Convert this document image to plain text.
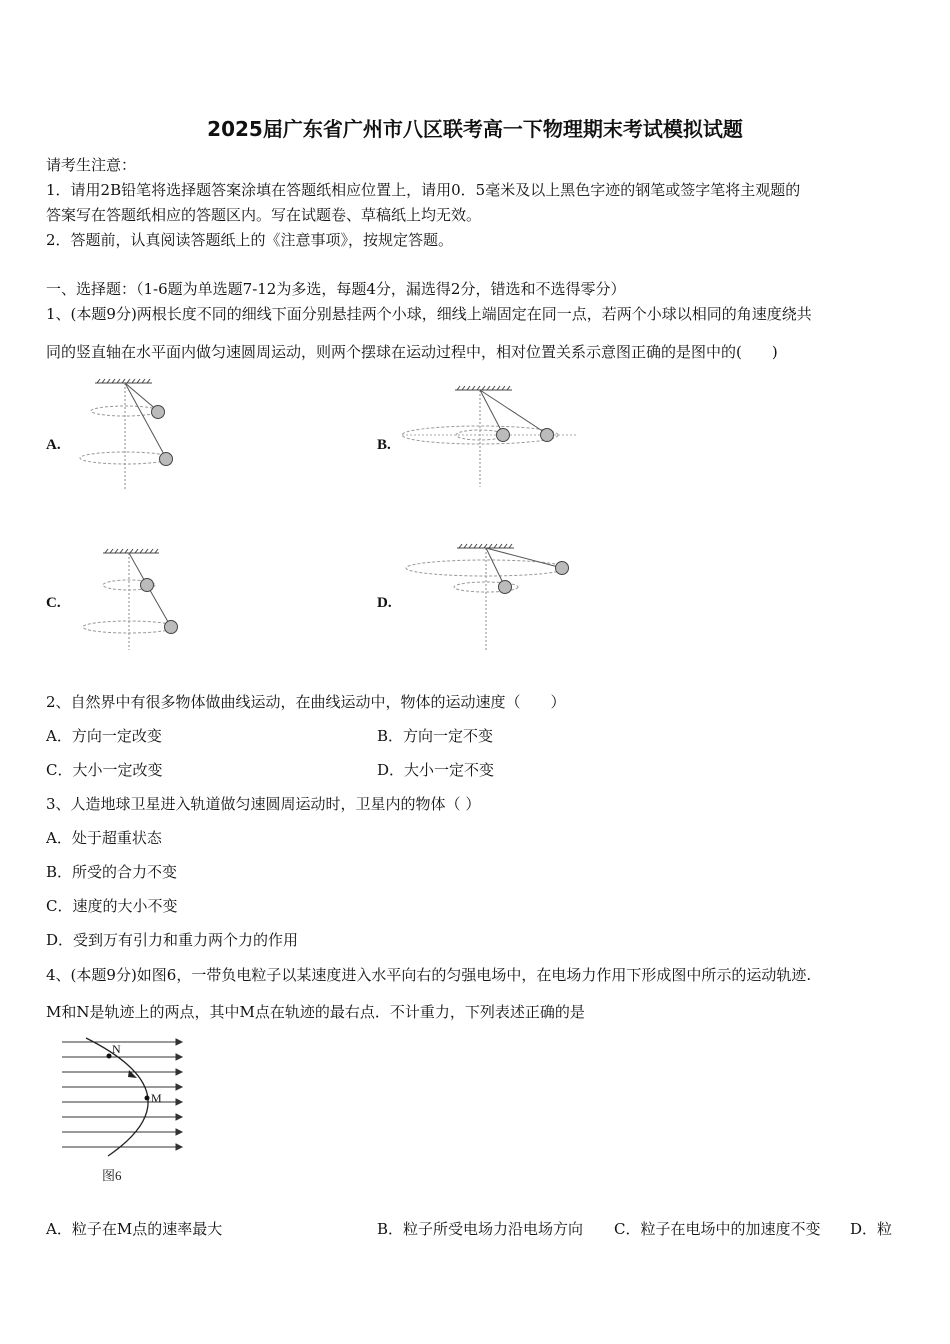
2025届广东省广州市八区联考高一下物理期末考试模拟试题
请考生注意：
1．请用2B铅笔将选择题答案涂填在答题纸相应位置上，请用0．5毫米及以上黑色字迹的钢笔或签字笔将主观题的
答案写在答题纸相应的答题区内。写在试题卷、草稿纸上均无效。
2．答题前，认真阅读答题纸上的《注意事项》，按规定答题。
一、选择题：（1-6题为单选题7-12为多选，每题4分，漏选得2分，错选和不选得零分）
1、(本题9分)两根长度不同的细线下面分别悬挂两个小球，细线上端固定在同一点，若两个小球以相同的角速度绕共
同的竖直轴在水平面内做匀速圆周运动，则两个摆球在运动过程中，相对位置关系示意图正确的是图中的(　　)
A.	B.
C.	D.
2、自然界中有很多物体做曲线运动，在曲线运动中，物体的运动速度（　　）
A．方向一定改变	B．方向一定不变
C．大小一定改变	D．大小一定不变
3、人造地球卫星进入轨道做匀速圆周运动时，卫星内的物体（ ）
A．处于超重状态
B．所受的合力不变
C．速度的大小不变
D．受到万有引力和重力两个力的作用
4、(本题9分)如图6，一带负电粒子以某速度进入水平向右的匀强电场中，在电场力作用下形成图中所示的运动轨迹.
M和N是轨迹上的两点，其中M点在轨迹的最右点．不计重力，下列表述正确的是
N
M
图6
A．粒子在M点的速率最大	B．粒子所受电场力沿电场方向 C．粒子在电场中的加速度不变 D．粒
